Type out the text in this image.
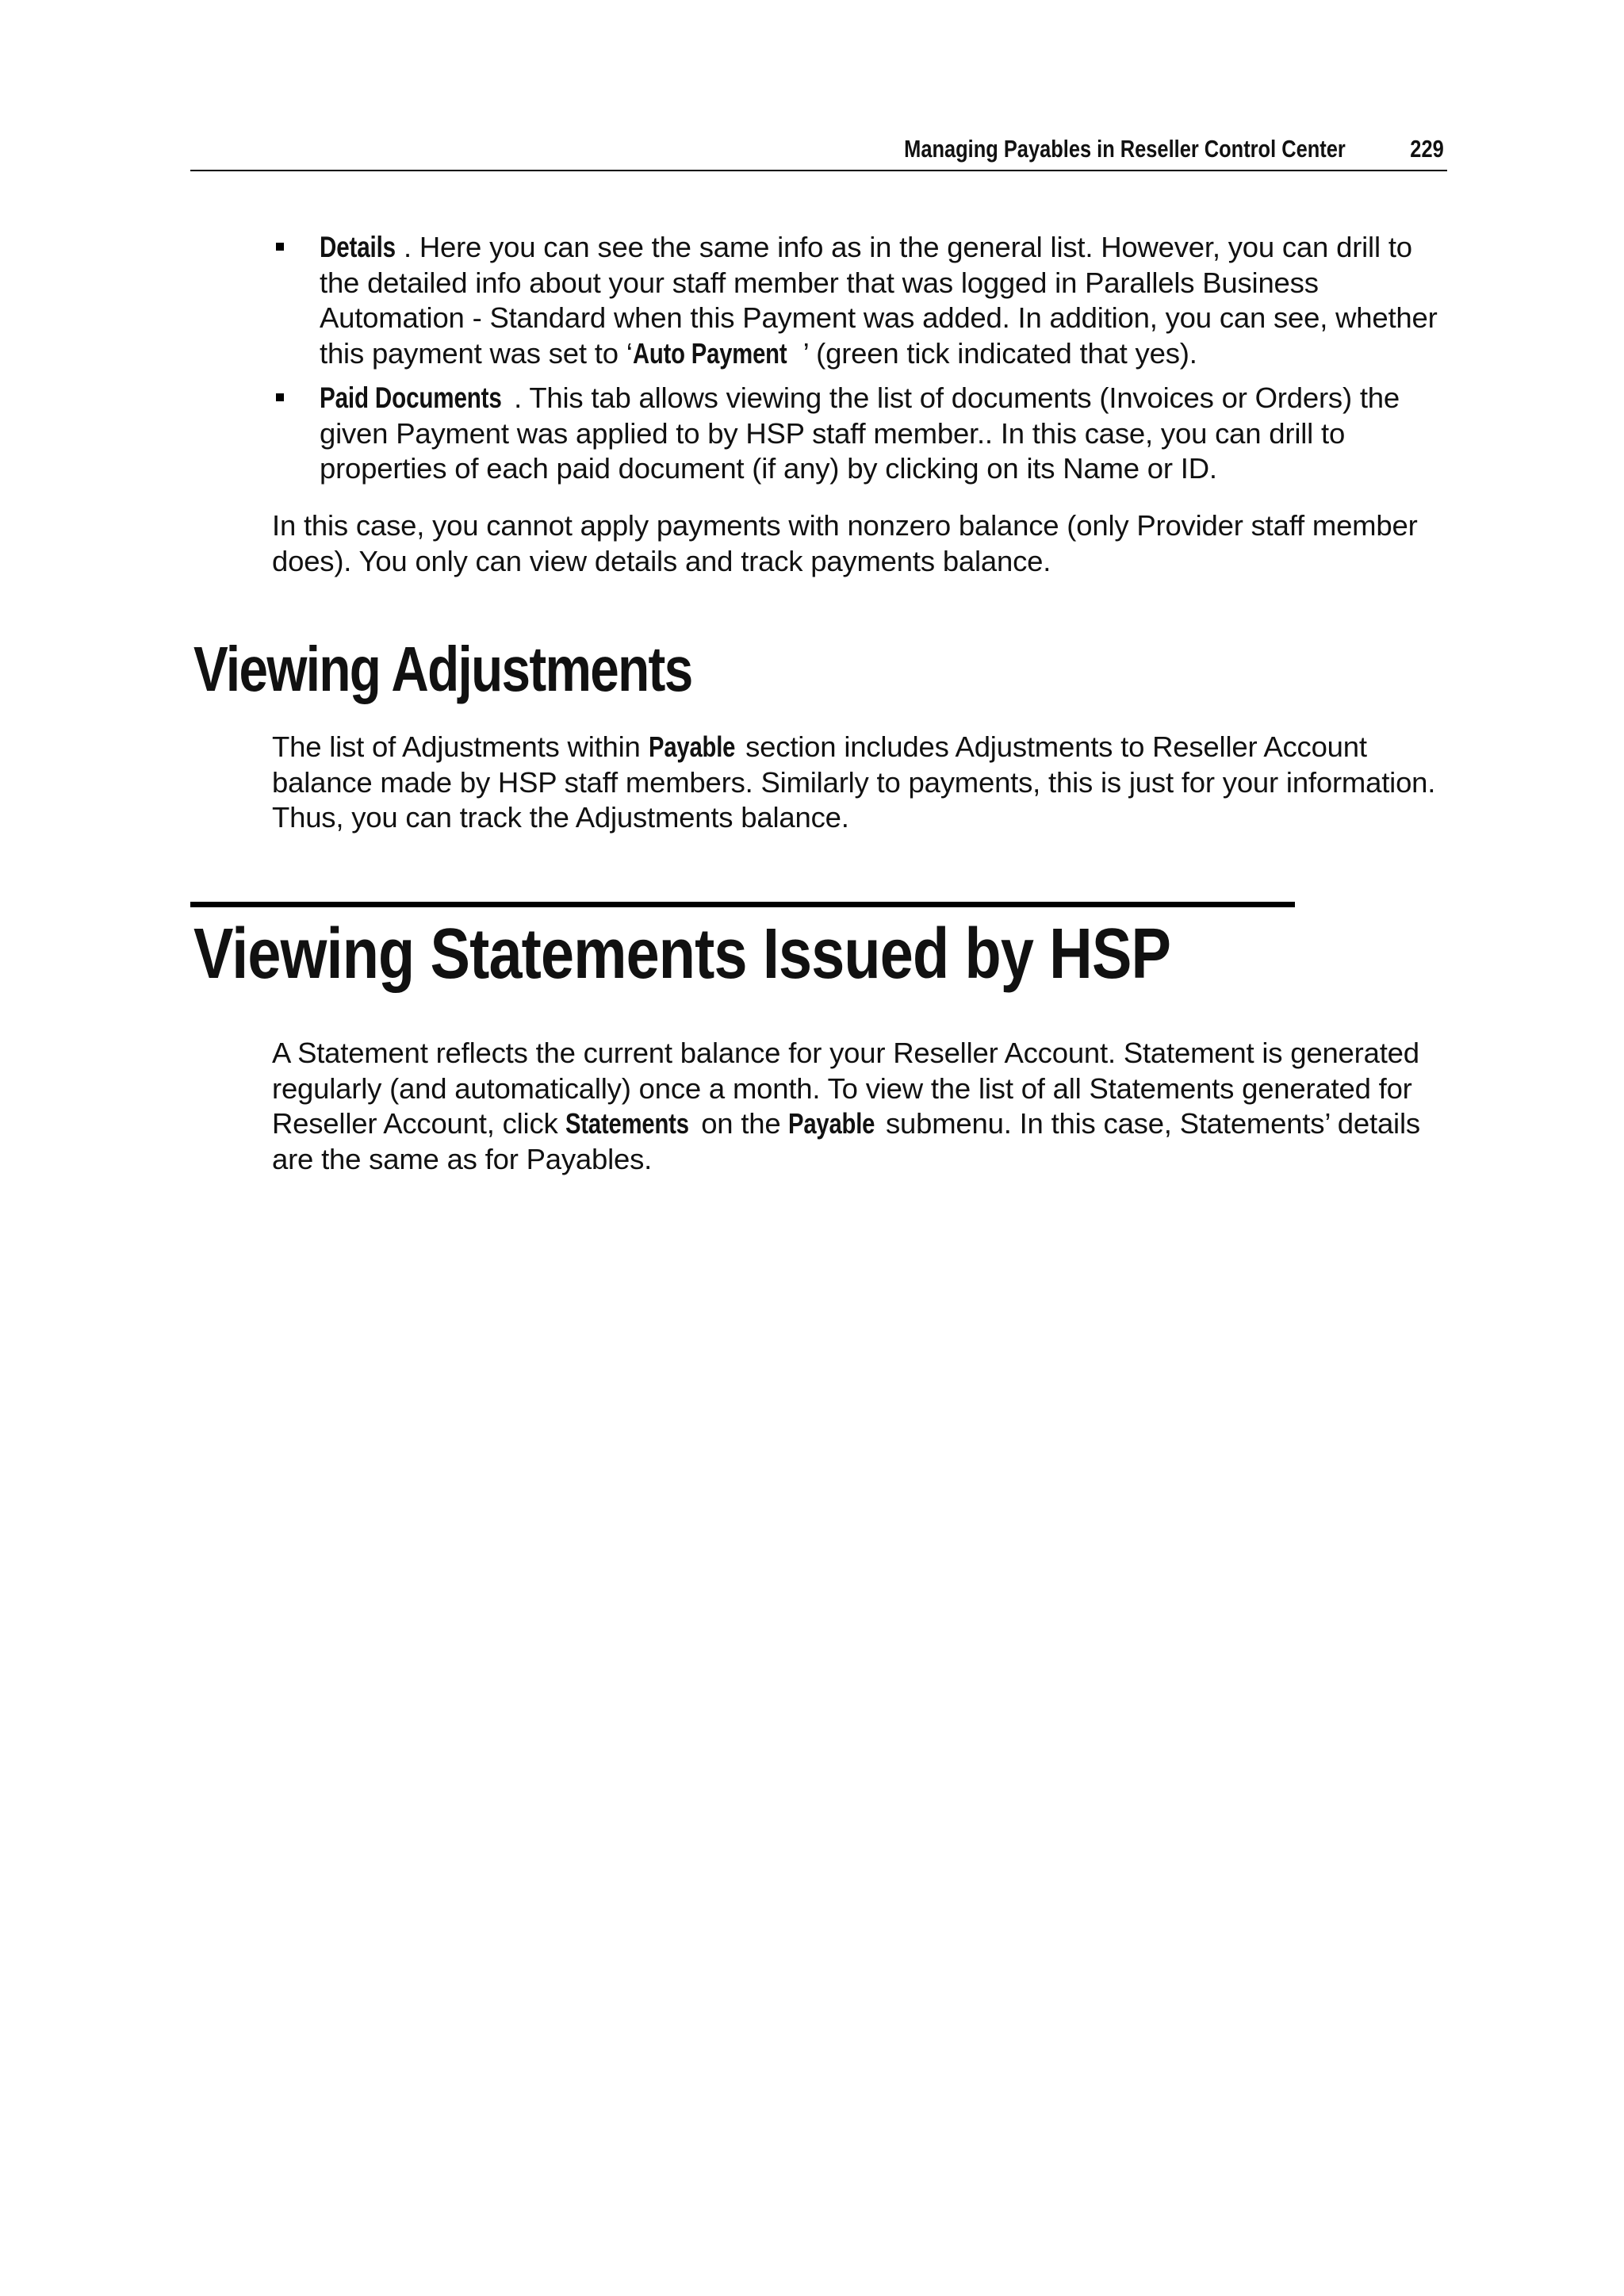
Managing Payables in Reseller Control Center	229
Details . Here you can see the same info as in the general list. However, you can drill to the detailed info about your staff member that was logged in Parallels Business Automation - Standard when this Payment was added. In addition, you can see, whether this payment was set to ‘Auto Payment ’ (green tick indicated that yes).
Paid Documents . This tab allows viewing the list of documents (Invoices or Orders) the given Payment was applied to by HSP staff member.. In this case, you can drill to properties of each paid document (if any) by clicking on its Name or ID.

In this case, you cannot apply payments with nonzero balance (only Provider staff member does). You only can view details and track payments balance.

Viewing Adjustments

The list of Adjustments within Payable section includes Adjustments to Reseller Account balance made by HSP staff members. Similarly to payments, this is just for your information. Thus, you can track the Adjustments balance.

Viewing Statements Issued by HSP

A Statement reflects the current balance for your Reseller Account. Statement is generated regularly (and automatically) once a month. To view the list of all Statements generated for Reseller Account, click Statements on the Payable submenu. In this case, Statements’ details are the same as for Payables.
